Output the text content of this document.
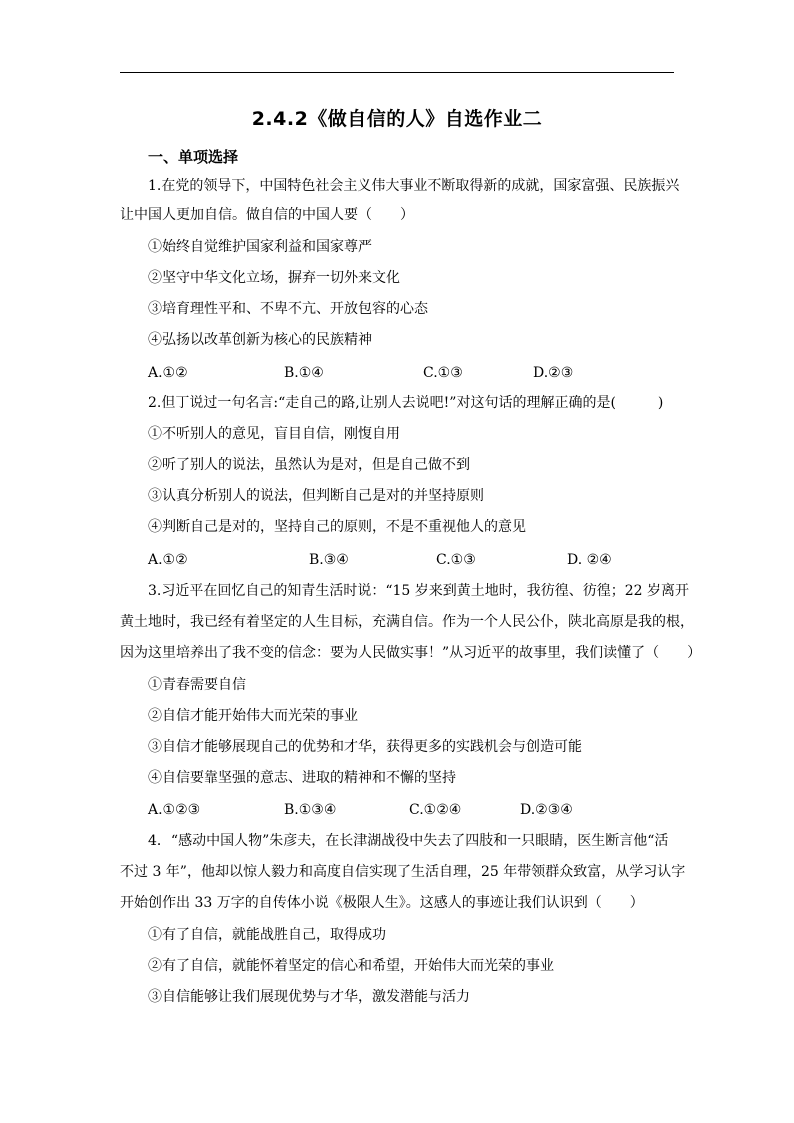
2.4.2《做自信的人》自选作业二
一、单项选择
1.在党的领导下，中国特色社会主义伟大事业不断取得新的成就，国家富强、民族振兴
让中国人更加自信。做自信的中国人要（　　）
①始终自觉维护国家利益和国家尊严
②坚守中华文化立场，摒弃一切外来文化
③培育理性平和、不卑不亢、开放包容的心态
④弘扬以改革创新为核心的民族精神
A.①②	B.①④	C.①③	D.②③
2.但丁说过一句名言:“走自己的路,让别人去说吧!”对这句话的理解正确的是(　　　)
①不听别人的意见，盲目自信，刚愎自用
②听了别人的说法，虽然认为是对，但是自己做不到
③认真分析别人的说法，但判断自己是对的并坚持原则
④判断自己是对的，坚持自己的原则，不是不重视他人的意见
A.①②	B.③④	C.①③	D. ②④
3.习近平在回忆自己的知青生活时说：“15 岁来到黄土地时，我彷徨、彷徨；22 岁离开
黄土地时，我已经有着坚定的人生目标，充满自信。作为一个人民公仆，陕北高原是我的根，
因为这里培养出了我不变的信念：要为人民做实事！”从习近平的故事里，我们读懂了（　　）
①青春需要自信
②自信才能开始伟大而光荣的事业
③自信才能够展现自己的优势和才华，获得更多的实践机会与创造可能
④自信要靠坚强的意志、进取的精神和不懈的坚持
A.①②③	B.①③④	C.①②④	D.②③④
4．“感动中国人物”朱彦夫，在长津湖战役中失去了四肢和一只眼睛，医生断言他“活
不过 3 年”，他却以惊人毅力和高度自信实现了生活自理，25 年带领群众致富，从学习认字
开始创作出 33 万字的自传体小说《极限人生》。这感人的事迹让我们认识到（　　）
①有了自信，就能战胜自己，取得成功
②有了自信，就能怀着坚定的信心和希望，开始伟大而光荣的事业
③自信能够让我们展现优势与才华，激发潜能与活力
